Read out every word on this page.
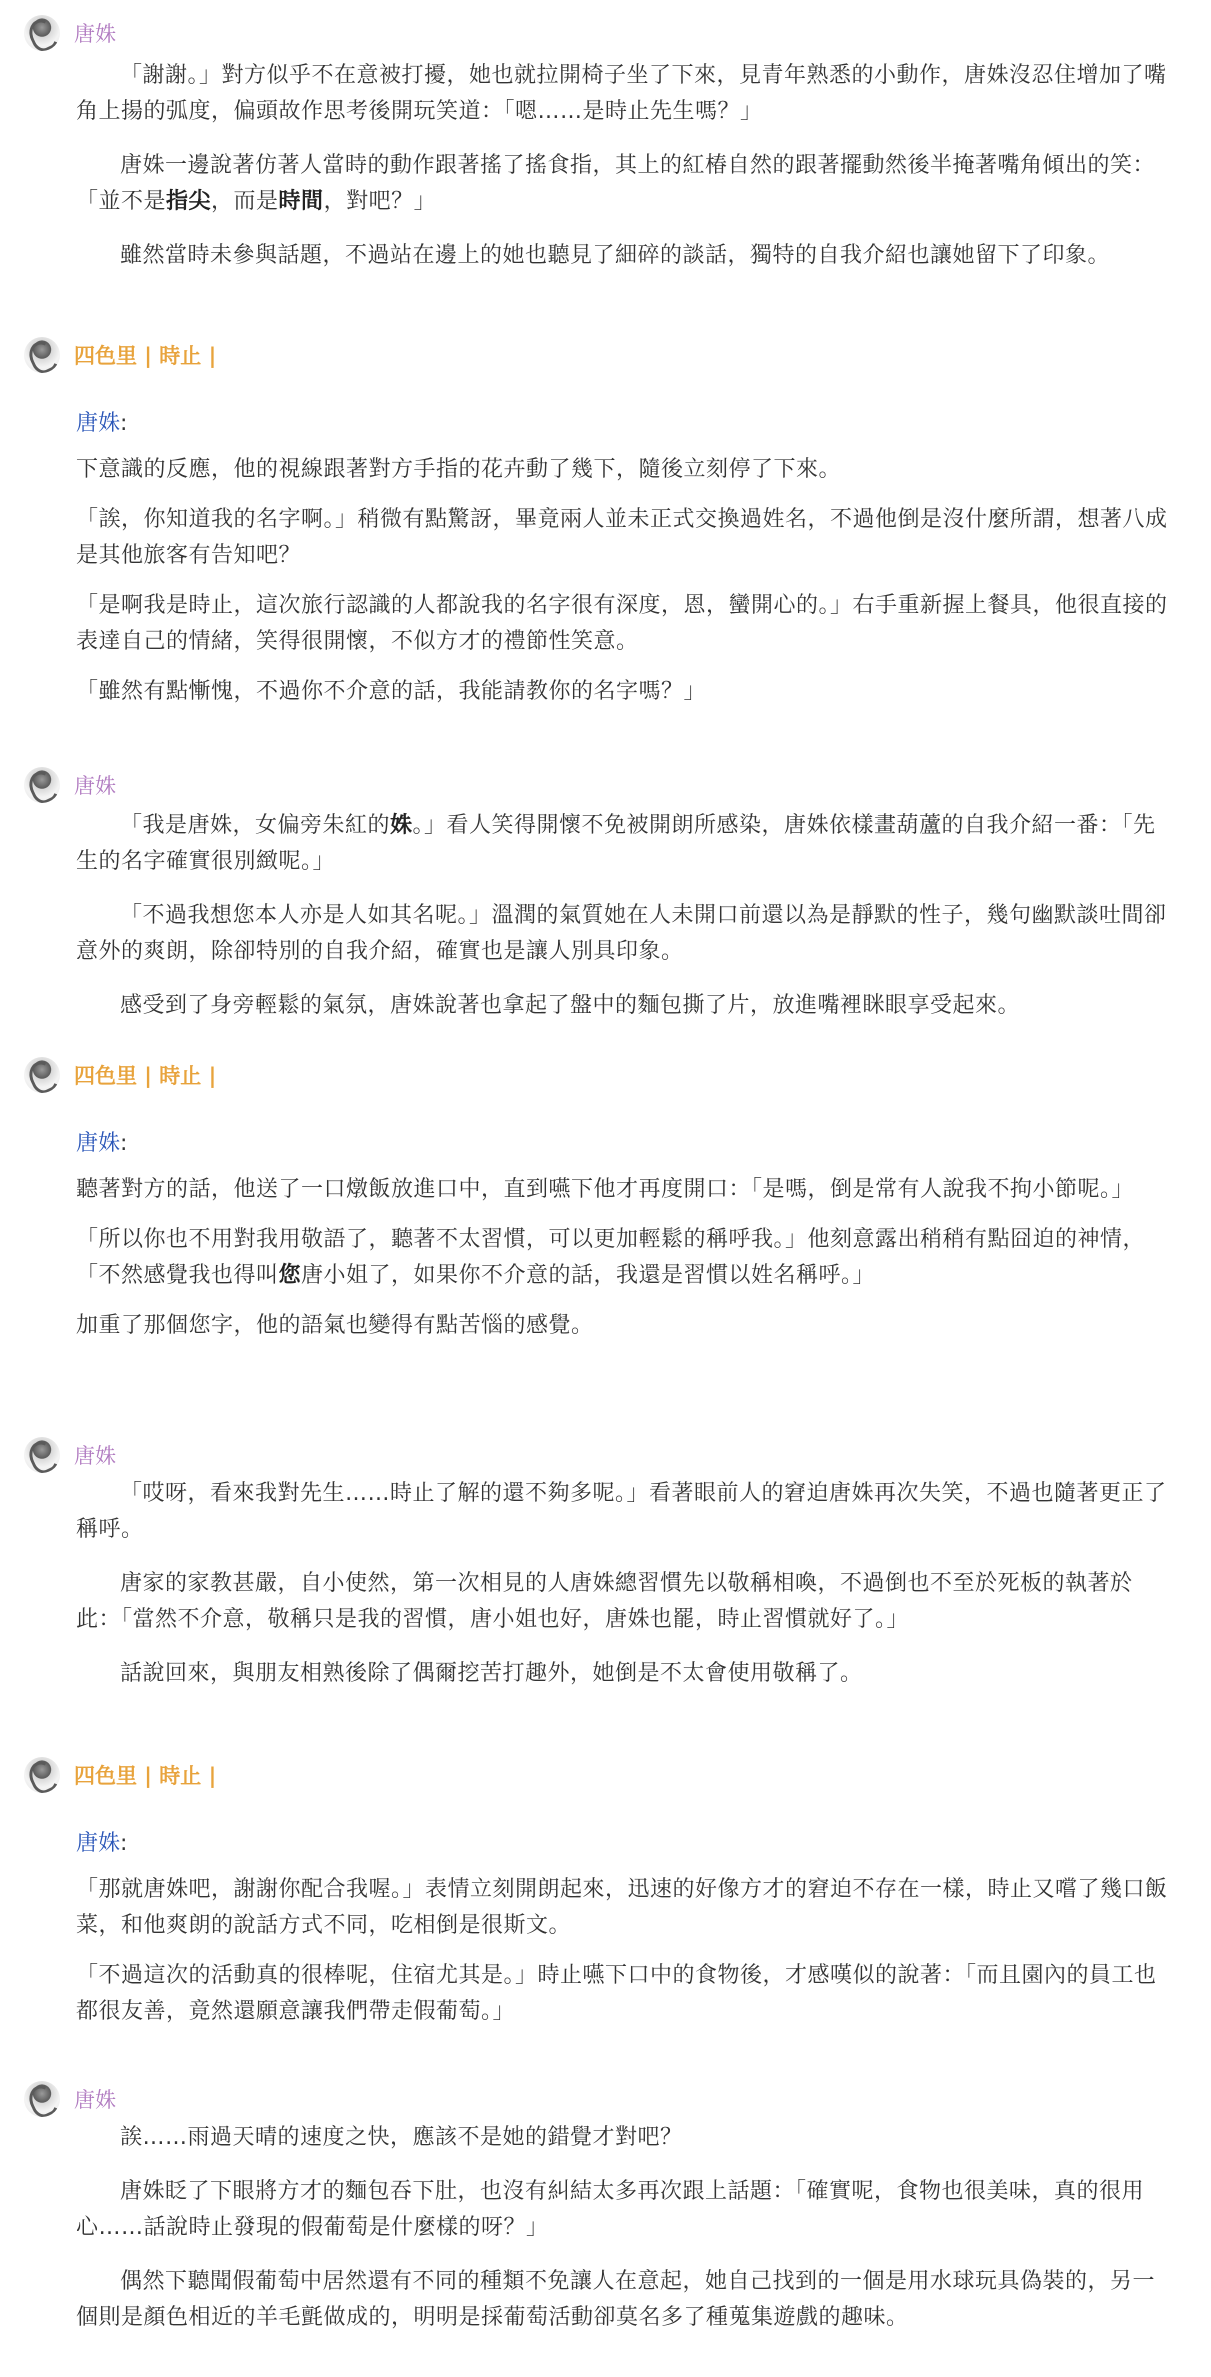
唐姝

「謝謝。」對方似乎不在意被打擾，她也就拉開椅子坐了下來，見青年熟悉的小動作，唐姝沒忍住增加了嘴角上揚的弧度，偏頭故作思考後開玩笑道：「嗯……是時止先生嗎？」

唐姝一邊說著仿著人當時的動作跟著搖了搖食指，其上的紅椿自然的跟著擺動然後半掩著嘴角傾出的笑：「並不是指尖，而是時間，對吧？」

雖然當時未參與話題，不過站在邊上的她也聽見了細碎的談話，獨特的自我介紹也讓她留下了印象。

四色里 | 時止 |
唐姝:

下意識的反應，他的視線跟著對方手指的花卉動了幾下，隨後立刻停了下來。

「誒，你知道我的名字啊。」稍微有點驚訝，畢竟兩人並未正式交換過姓名，不過他倒是沒什麼所謂，想著八成是其他旅客有告知吧？

「是啊我是時止，這次旅行認識的人都說我的名字很有深度，恩，蠻開心的。」右手重新握上餐具，他很直接的表達自己的情緒，笑得很開懷，不似方才的禮節性笑意。

「雖然有點慚愧，不過你不介意的話，我能請教你的名字嗎？」

唐姝

「我是唐姝，女偏旁朱紅的姝。」看人笑得開懷不免被開朗所感染，唐姝依樣畫葫蘆的自我介紹一番：「先生的名字確實很別緻呢。」

「不過我想您本人亦是人如其名呢。」溫潤的氣質她在人未開口前還以為是靜默的性子，幾句幽默談吐間卻意外的爽朗，除卻特別的自我介紹，確實也是讓人別具印象。

感受到了身旁輕鬆的氣氛，唐姝說著也拿起了盤中的麵包撕了片，放進嘴裡眯眼享受起來。

四色里 | 時止 |
唐姝:

聽著對方的話，他送了一口燉飯放進口中，直到嚥下他才再度開口：「是嗎，倒是常有人說我不拘小節呢。」

「所以你也不用對我用敬語了，聽著不太習慣，可以更加輕鬆的稱呼我。」他刻意露出稍稍有點囧迫的神情，「不然感覺我也得叫您唐小姐了，如果你不介意的話，我還是習慣以姓名稱呼。」

加重了那個您字，他的語氣也變得有點苦惱的感覺。

唐姝

「哎呀，看來我對先生……時止了解的還不夠多呢。」看著眼前人的窘迫唐姝再次失笑，不過也隨著更正了稱呼。

唐家的家教甚嚴，自小使然，第一次相見的人唐姝總習慣先以敬稱相喚，不過倒也不至於死板的執著於此：「當然不介意，敬稱只是我的習慣，唐小姐也好，唐姝也罷，時止習慣就好了。」

話說回來，與朋友相熟後除了偶爾挖苦打趣外，她倒是不太會使用敬稱了。

四色里 | 時止 |
唐姝:

「那就唐姝吧，謝謝你配合我喔。」表情立刻開朗起來，迅速的好像方才的窘迫不存在一樣，時止又嚐了幾口飯菜，和他爽朗的說話方式不同，吃相倒是很斯文。

「不過這次的活動真的很棒呢，住宿尤其是。」時止嚥下口中的食物後，才感嘆似的說著：「而且園內的員工也都很友善，竟然還願意讓我們帶走假葡萄。」

唐姝

誒……雨過天晴的速度之快，應該不是她的錯覺才對吧？

唐姝眨了下眼將方才的麵包吞下肚，也沒有糾結太多再次跟上話題：「確實呢，食物也很美味，真的很用心……話說時止發現的假葡萄是什麼樣的呀？」

偶然下聽聞假葡萄中居然還有不同的種類不免讓人在意起，她自己找到的一個是用水球玩具偽裝的，另一個則是顏色相近的羊毛氈做成的，明明是採葡萄活動卻莫名多了種蒐集遊戲的趣味。
